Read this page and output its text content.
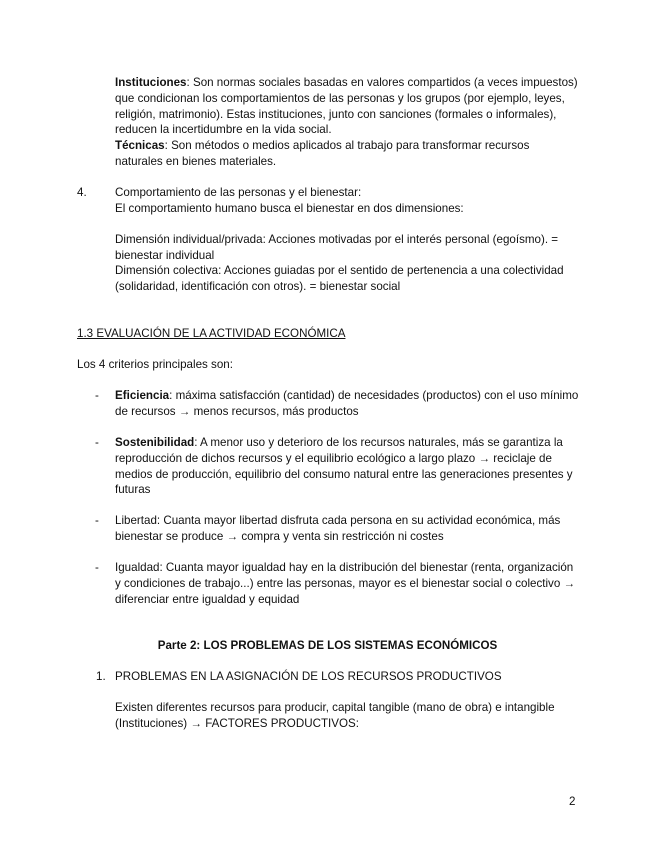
Instituciones: Son normas sociales basadas en valores compartidos (a veces impuestos) que condicionan los comportamientos de las personas y los grupos (por ejemplo, leyes, religión, matrimonio). Estas instituciones, junto con sanciones (formales o informales), reducen la incertidumbre en la vida social.
Técnicas: Son métodos o medios aplicados al trabajo para transformar recursos naturales en bienes materiales.
4. Comportamiento de las personas y el bienestar:
El comportamiento humano busca el bienestar en dos dimensiones:
Dimensión individual/privada: Acciones motivadas por el interés personal (egoísmo). = bienestar individual
Dimensión colectiva: Acciones guiadas por el sentido de pertenencia a una colectividad (solidaridad, identificación con otros). = bienestar social
1.3 EVALUACIÓN DE LA ACTIVIDAD ECONÓMICA
Los 4 criterios principales son:
- Eficiencia: máxima satisfacción (cantidad) de necesidades (productos) con el uso mínimo de recursos → menos recursos, más productos
- Sostenibilidad: A menor uso y deterioro de los recursos naturales, más se garantiza la reproducción de dichos recursos y el equilibrio ecológico a largo plazo → reciclaje de medios de producción, equilibrio del consumo natural entre las generaciones presentes y futuras
- Libertad: Cuanta mayor libertad disfruta cada persona en su actividad económica, más bienestar se produce → compra y venta sin restricción ni costes
- Igualdad: Cuanta mayor igualdad hay en la distribución del bienestar (renta, organización y condiciones de trabajo...) entre las personas, mayor es el bienestar social o colectivo → diferenciar entre igualdad y equidad
Parte 2: LOS PROBLEMAS DE LOS SISTEMAS ECONÓMICOS
1. PROBLEMAS EN LA ASIGNACIÓN DE LOS RECURSOS PRODUCTIVOS
Existen diferentes recursos para producir, capital tangible (mano de obra) e intangible (Instituciones) → FACTORES PRODUCTIVOS:
2
